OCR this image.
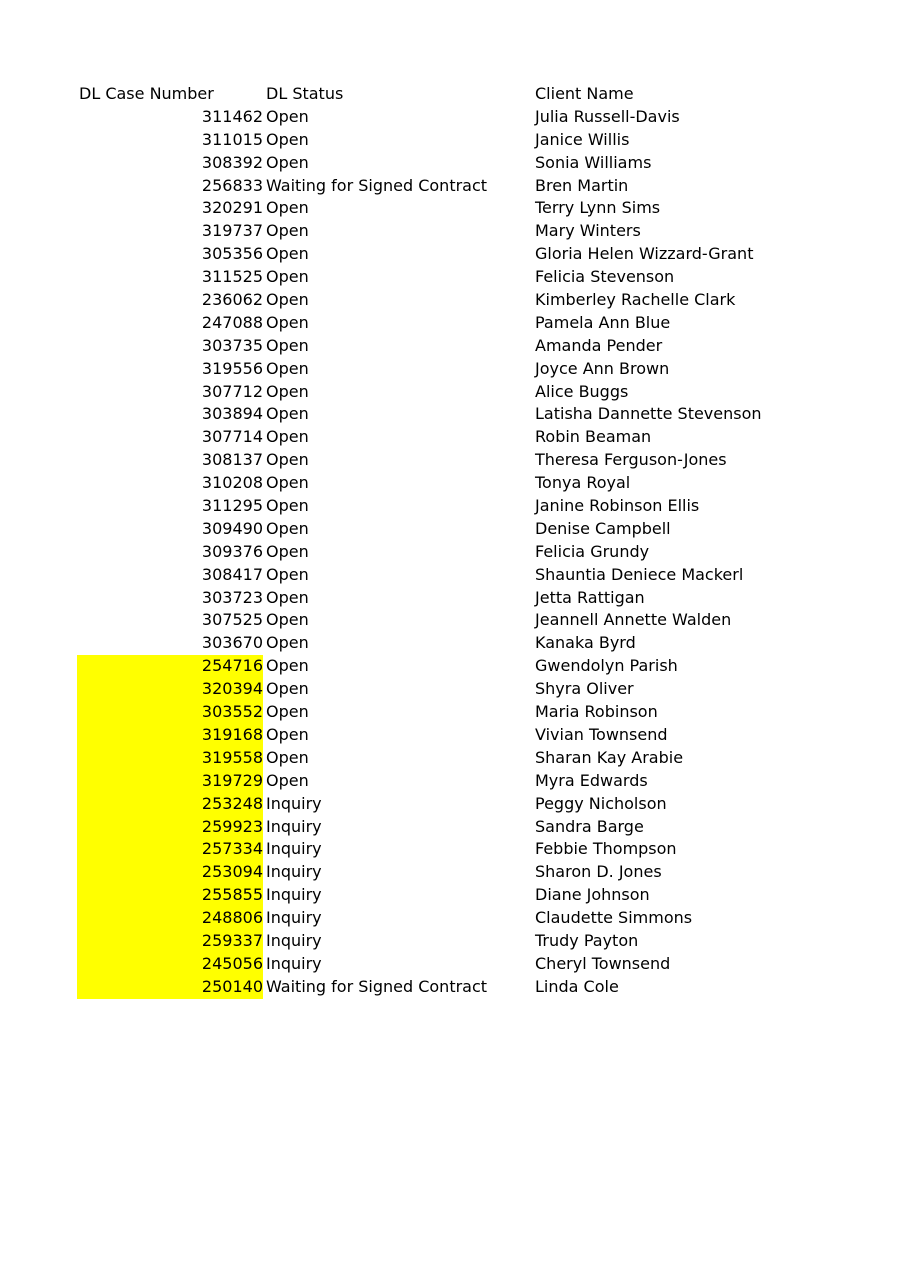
DL Case Number	DL Status	Client Name
311462 Open	Julia Russell-Davis
311015 Open	Janice Willis
308392 Open	Sonia Williams
256833 Waiting for Signed Contract	Bren Martin
320291 Open	Terry Lynn Sims
319737 Open	Mary Winters
305356 Open	Gloria Helen Wizzard-Grant
311525 Open	Felicia Stevenson
236062 Open	Kimberley Rachelle Clark
247088 Open	Pamela Ann Blue
303735 Open	Amanda Pender
319556 Open	Joyce Ann Brown
307712 Open	Alice Buggs
303894 Open	Latisha Dannette Stevenson
307714 Open	Robin Beaman
308137 Open	Theresa Ferguson-Jones
310208 Open	Tonya Royal
311295 Open	Janine Robinson Ellis
309490 Open	Denise Campbell
309376 Open	Felicia Grundy
308417 Open	Shauntia Deniece Mackerl
303723 Open	Jetta Rattigan
307525 Open	Jeannell Annette Walden
303670 Open	Kanaka Byrd
254716 Open	Gwendolyn Parish
320394 Open	Shyra Oliver
303552 Open	Maria Robinson
319168 Open	Vivian Townsend
319558 Open	Sharan Kay Arabie
319729 Open	Myra Edwards
253248 Inquiry	Peggy Nicholson
259923 Inquiry	Sandra Barge
257334 Inquiry	Febbie Thompson
253094 Inquiry	Sharon D. Jones
255855 Inquiry	Diane Johnson
248806 Inquiry	Claudette Simmons
259337 Inquiry	Trudy Payton
245056 Inquiry	Cheryl Townsend
250140 Waiting for Signed Contract	Linda Cole
